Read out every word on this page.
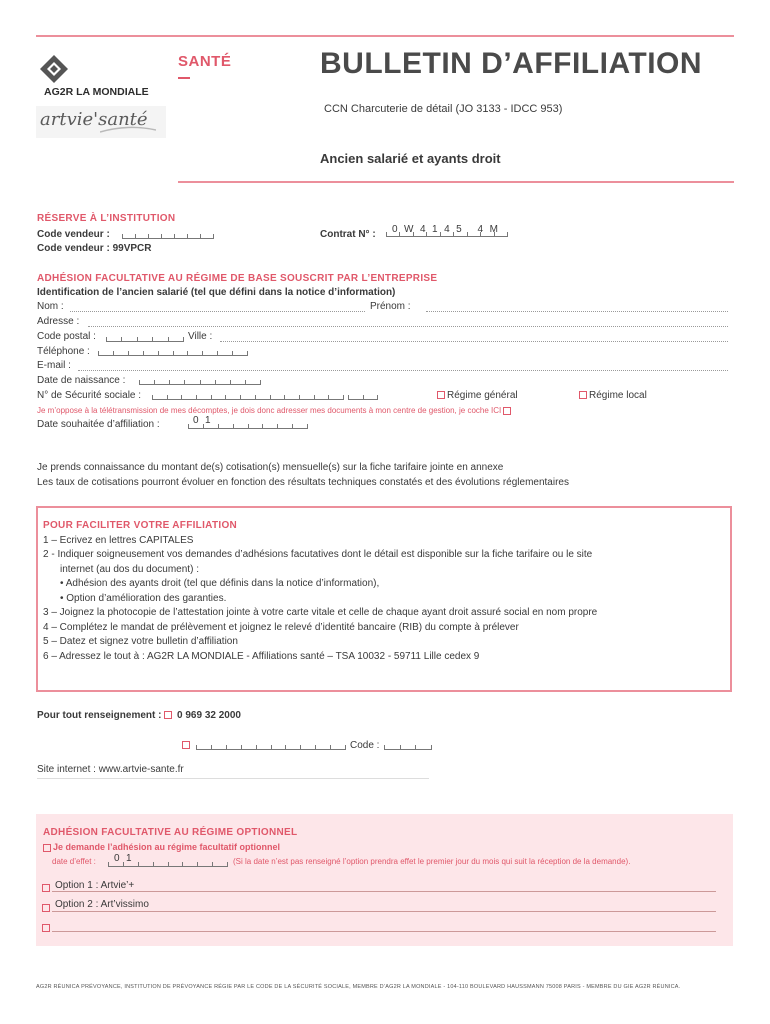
AG2R LA MONDIALE
artvie'santé
SANTÉ	BULLETIN D’AFFILIATION
CCN Charcuterie de détail (JO 3133 - IDCC 953)
Ancien salarié et ayants droit
RÉSERVE À L’INSTITUTION
Code vendeur :
Code vendeur : 99VPCR
Contrat N° : 0W4145 4M
ADHÉSION FACULTATIVE AU RÉGIME DE BASE SOUSCRIT PAR L’ENTREPRISE
Identification de l’ancien salarié (tel que défini dans la notice d’information)
Nom :	Prénom :
Adresse :
Code postal :	Ville :
Téléphone :
E-mail :
Date de naissance :
N° de Sécurité sociale :	Régime général	Régime local
Je m’oppose à la télétransmission de mes décomptes, je dois donc adresser mes documents à mon centre de gestion, je coche ICI
Date souhaitée d’affiliation :	01
Je prends connaissance du montant de(s) cotisation(s) mensuelle(s) sur la fiche tarifaire jointe en annexe
Les taux de cotisations pourront évoluer en fonction des résultats techniques constatés et des évolutions réglementaires
POUR FACILITER VOTRE AFFILIATION
1 – Ecrivez en lettres CAPITALES
2 - Indiquer soigneusement vos demandes d’adhésions facutatives dont le détail est disponible sur la fiche tarifaire ou le site
internet (au dos du document) :
• Adhésion des ayants droit (tel que définis dans la notice d’information),
• Option d’amélioration des garanties.
3 – Joignez la photocopie de l’attestation jointe à votre carte vitale et celle de chaque ayant droit assuré social en nom propre
4 – Complétez le mandat de prélèvement et joignez le relevé d’identité bancaire (RIB) du compte à prélever
5 – Datez et signez votre bulletin d’affiliation
6 – Adressez le tout à : AG2R LA MONDIALE - Affiliations santé – TSA 10032 - 59711 Lille cedex 9
Pour tout renseignement : 0 969 32 2000
Code :
Site internet : www.artvie-sante.fr
ADHÉSION FACULTATIVE AU RÉGIME OPTIONNEL
Je demande l’adhésion au régime facultatif optionnel
date d’effet : 01	(Si la date n’est pas renseigné l’option prendra effet le premier jour du mois qui suit la réception de la demande).
Option 1 : Artvie’+
Option 2 : Art’vissimo
AG2R RÉUNICA PRÉVOYANCE, INSTITUTION DE PRÉVOYANCE RÉGIE PAR LE CODE DE LA SÉCURITÉ SOCIALE, MEMBRE D’AG2R LA MONDIALE - 104-110 BOULEVARD HAUSSMANN 75008 PARIS - MEMBRE DU GIE AG2R RÉUNICA.
